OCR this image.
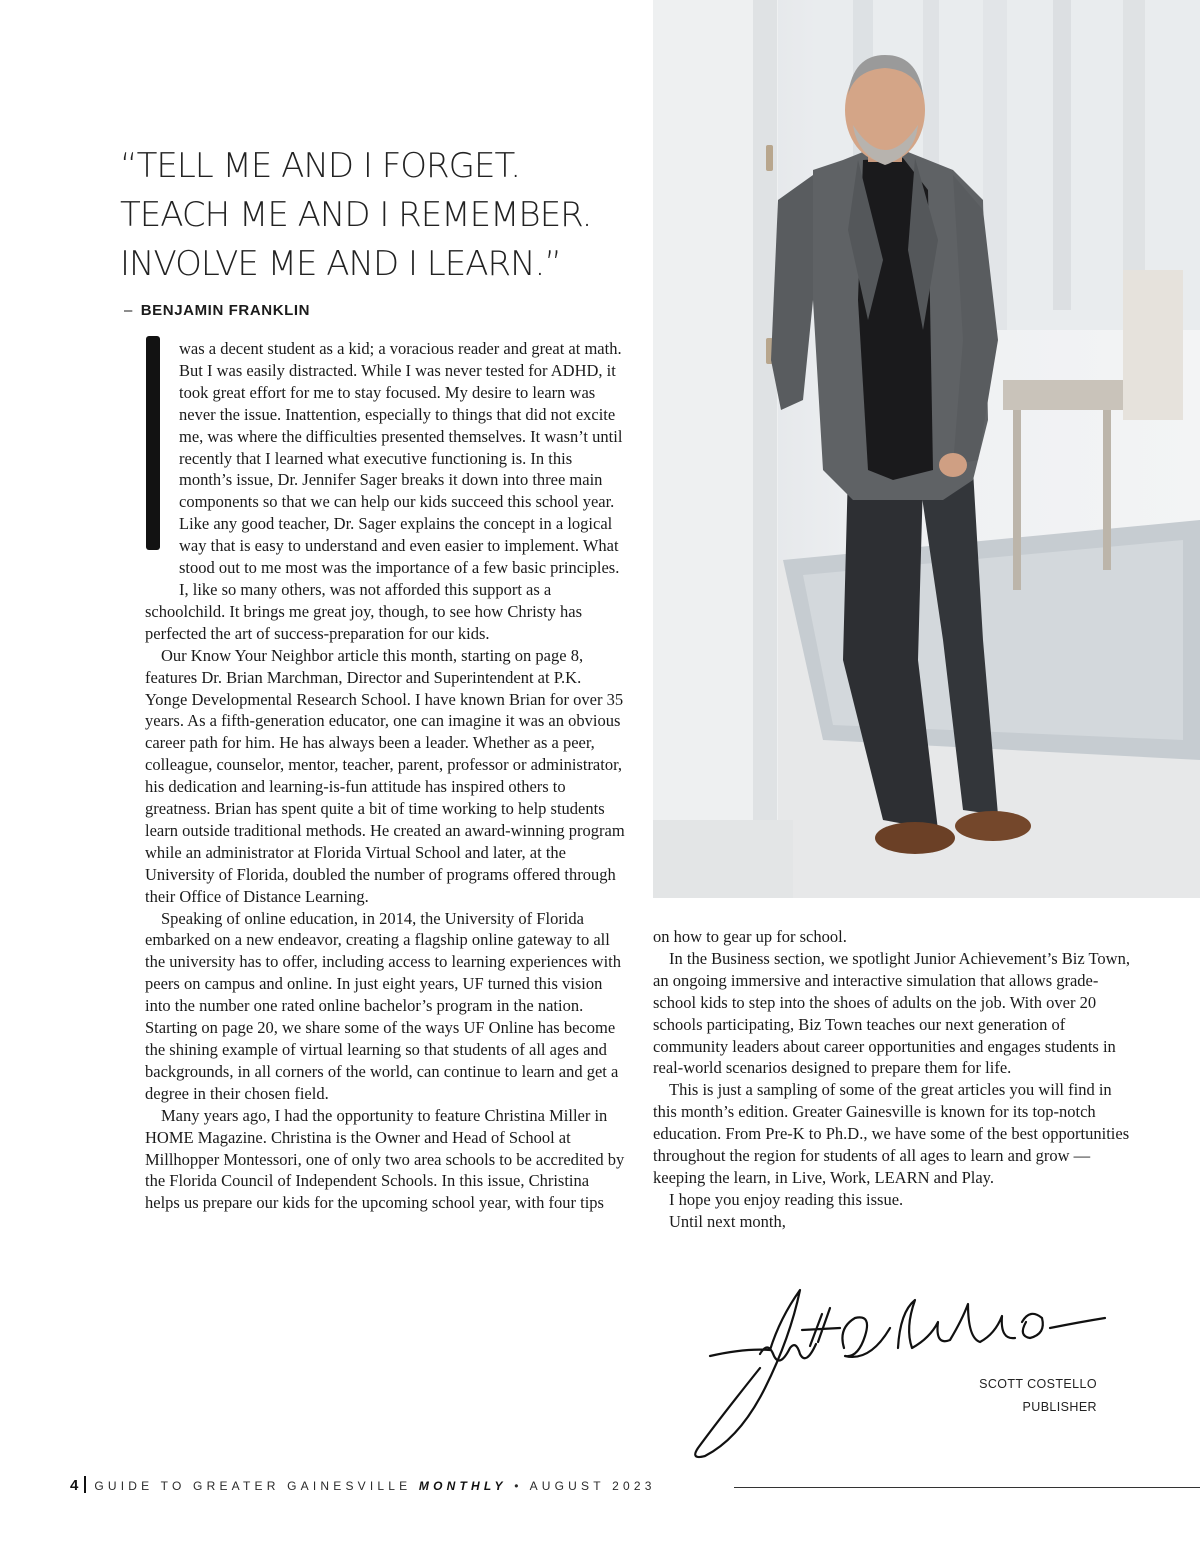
“TELL ME AND I FORGET.
TEACH ME AND I REMEMBER.
INVOLVE ME AND I LEARN.”
– BENJAMIN FRANKLIN

was a decent student as a kid; a voracious reader and great at math. But I was easily distracted. While I was never tested for ADHD, it took great effort for me to stay focused. My desire to learn was never the issue. Inattention, especially to things that did not excite me, was where the difficulties presented themselves. It wasn’t until recently that I learned what executive functioning is. In this month’s issue, Dr. Jennifer Sager breaks it down into three main components so that we can help our kids succeed this school year. Like any good teacher, Dr. Sager explains the concept in a logical way that is easy to understand and even easier to implement. What stood out to me most was the importance of a few basic principles. I, like so many others, was not afforded this support as a schoolchild. It brings me great joy, though, to see how Christy has perfected the art of success-preparation for our kids.

Our Know Your Neighbor article this month, starting on page 8, features Dr. Brian Marchman, Director and Superintendent at P.K. Yonge Developmental Research School. I have known Brian for over 35 years. As a fifth-generation educator, one can imagine it was an obvious career path for him. He has always been a leader. Whether as a peer, colleague, counselor, mentor, teacher, parent, professor or administrator, his dedication and learning-is-fun attitude has inspired others to greatness. Brian has spent quite a bit of time working to help students learn outside traditional methods. He created an award-winning program while an administrator at Florida Virtual School and later, at the University of Florida, doubled the number of programs offered through their Office of Distance Learning.

Speaking of online education, in 2014, the University of Florida embarked on a new endeavor, creating a flagship online gateway to all the university has to offer, including access to learning experiences with peers on campus and online. In just eight years, UF turned this vision into the number one rated online bachelor’s program in the nation. Starting on page 20, we share some of the ways UF Online has become the shining example of virtual learning so that students of all ages and backgrounds, in all corners of the world, can continue to learn and get a degree in their chosen field.

Many years ago, I had the opportunity to feature Christina Miller in HOME Magazine. Christina is the Owner and Head of School at Millhopper Montessori, one of only two area schools to be accredited by the Florida Council of Independent Schools. In this issue, Christina helps us prepare our kids for the upcoming school year, with four tips

on how to gear up for school.

In the Business section, we spotlight Junior Achievement’s Biz Town, an ongoing immersive and interactive simulation that allows grade-school kids to step into the shoes of adults on the job. With over 20 schools participating, Biz Town teaches our next generation of community leaders about career opportunities and engages students in real-world scenarios designed to prepare them for life.

This is just a sampling of some of the great articles you will find in this month’s edition. Greater Gainesville is known for its top-notch education. From Pre-K to Ph.D., we have some of the best opportunities throughout the region for students of all ages to learn and grow — keeping the learn, in Live, Work, LEARN and Play.

I hope you enjoy reading this issue.

Until next month,

SCOTT COSTELLO
PUBLISHER
4 GUIDE TO GREATER GAINESVILLE MONTHLY • AUGUST 2023
